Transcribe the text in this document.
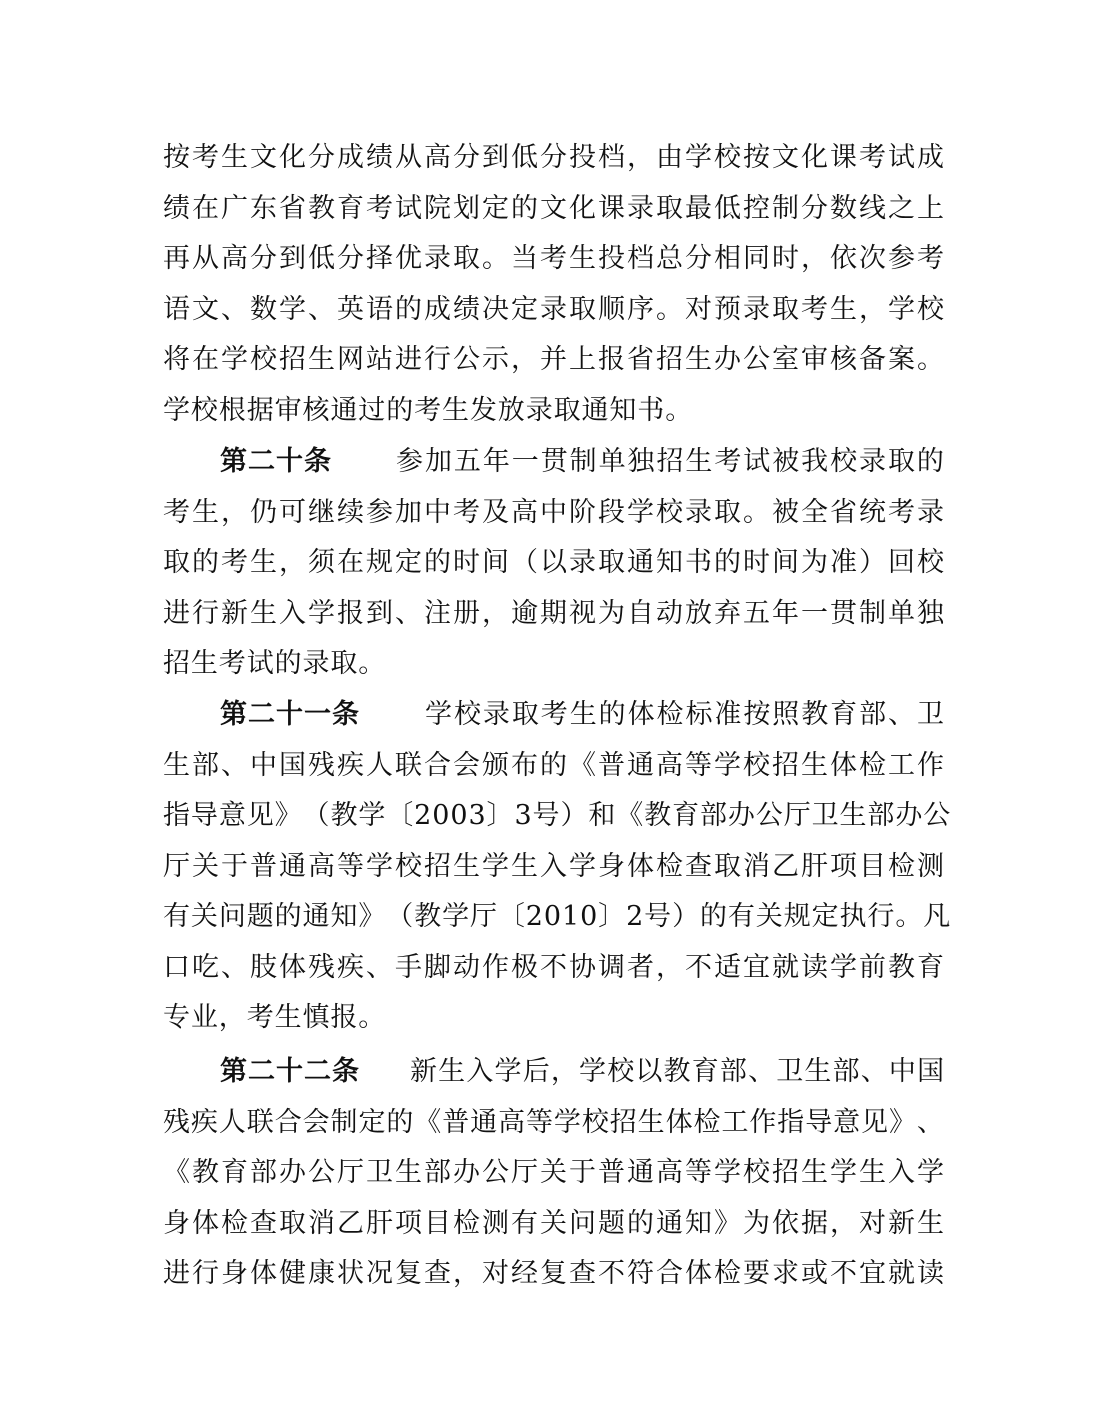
按 考 生 文 化 分 成 绩 从 高 分 到 低 分 投 档 ， 由 学 校 按 文 化 课 考 试 成
绩 在 广 东 省 教 育 考 试 院 划 定 的 文 化 课 录 取 最 低 控 制 分 数 线 之 上
再 从 高 分 到 低 分 择 优 录 取 。 当 考 生 投 档 总 分 相 同 时 ， 依 次 参 考
语 文 、 数 学 、 英 语 的 成 绩 决 定 录 取 顺 序 。 对 预 录 取 考 生 ， 学 校
将 在 学 校 招 生 网 站 进 行 公 示 ， 并 上 报 省 招 生 办 公 室 审 核 备 案 。
学校根据审核通过的考生发放录取通知书。
第二十条 参 加 五 年 一 贯 制 单 独 招 生 考 试 被 我 校 录 取 的
考 生 ， 仍 可 继 续 参 加 中 考 及 高 中 阶 段 学 校 录 取 。 被 全 省 统 考 录
取 的 考 生 ， 须 在 规 定 的 时 间 （ 以 录 取 通 知 书 的 时 间 为 准 ） 回 校
进 行 新 生 入 学 报 到 、 注 册 ， 逾 期 视 为 自 动 放 弃 五 年 一 贯 制 单 独
招生考试的录取。
第二十一条 学 校 录 取 考 生 的 体 检 标 准 按 照 教 育 部 、 卫
生 部 、 中 国 残 疾 人 联 合 会 颁 布 的 《 普 通 高 等 学 校 招 生 体 检 工 作
指 导 意 见 》 （ 教 学 〔 2 0 0 3 〕 3 号 ） 和 《 教 育 部 办 公 厅 卫 生 部 办 公
厅 关 于 普 通 高 等 学 校 招 生 学 生 入 学 身 体 检 查 取 消 乙 肝 项 目 检 测
有 关 问 题 的 通 知 》 （ 教 学 厅 〔 2 0 1 0 〕 2 号 ） 的 有 关 规 定 执 行 。 凡
口 吃 、 肢 体 残 疾 、 手 脚 动 作 极 不 协 调 者 ， 不 适 宜 就 读 学 前 教 育
专业，考生慎报。
第二十二条 新 生 入 学 后 ， 学 校 以 教 育 部 、 卫 生 部 、 中 国
残 疾 人 联 合 会 制 定 的 《 普 通 高 等 学 校 招 生 体 检 工 作 指 导 意 见 》 、
《 教 育 部 办 公 厅 卫 生 部 办 公 厅 关 于 普 通 高 等 学 校 招 生 学 生 入 学
身 体 检 查 取 消 乙 肝 项 目 检 测 有 关 问 题 的 通 知 》 为 依 据 ， 对 新 生
进 行 身 体 健 康 状 况 复 查 ， 对 经 复 查 不 符 合 体 检 要 求 或 不 宜 就 读
